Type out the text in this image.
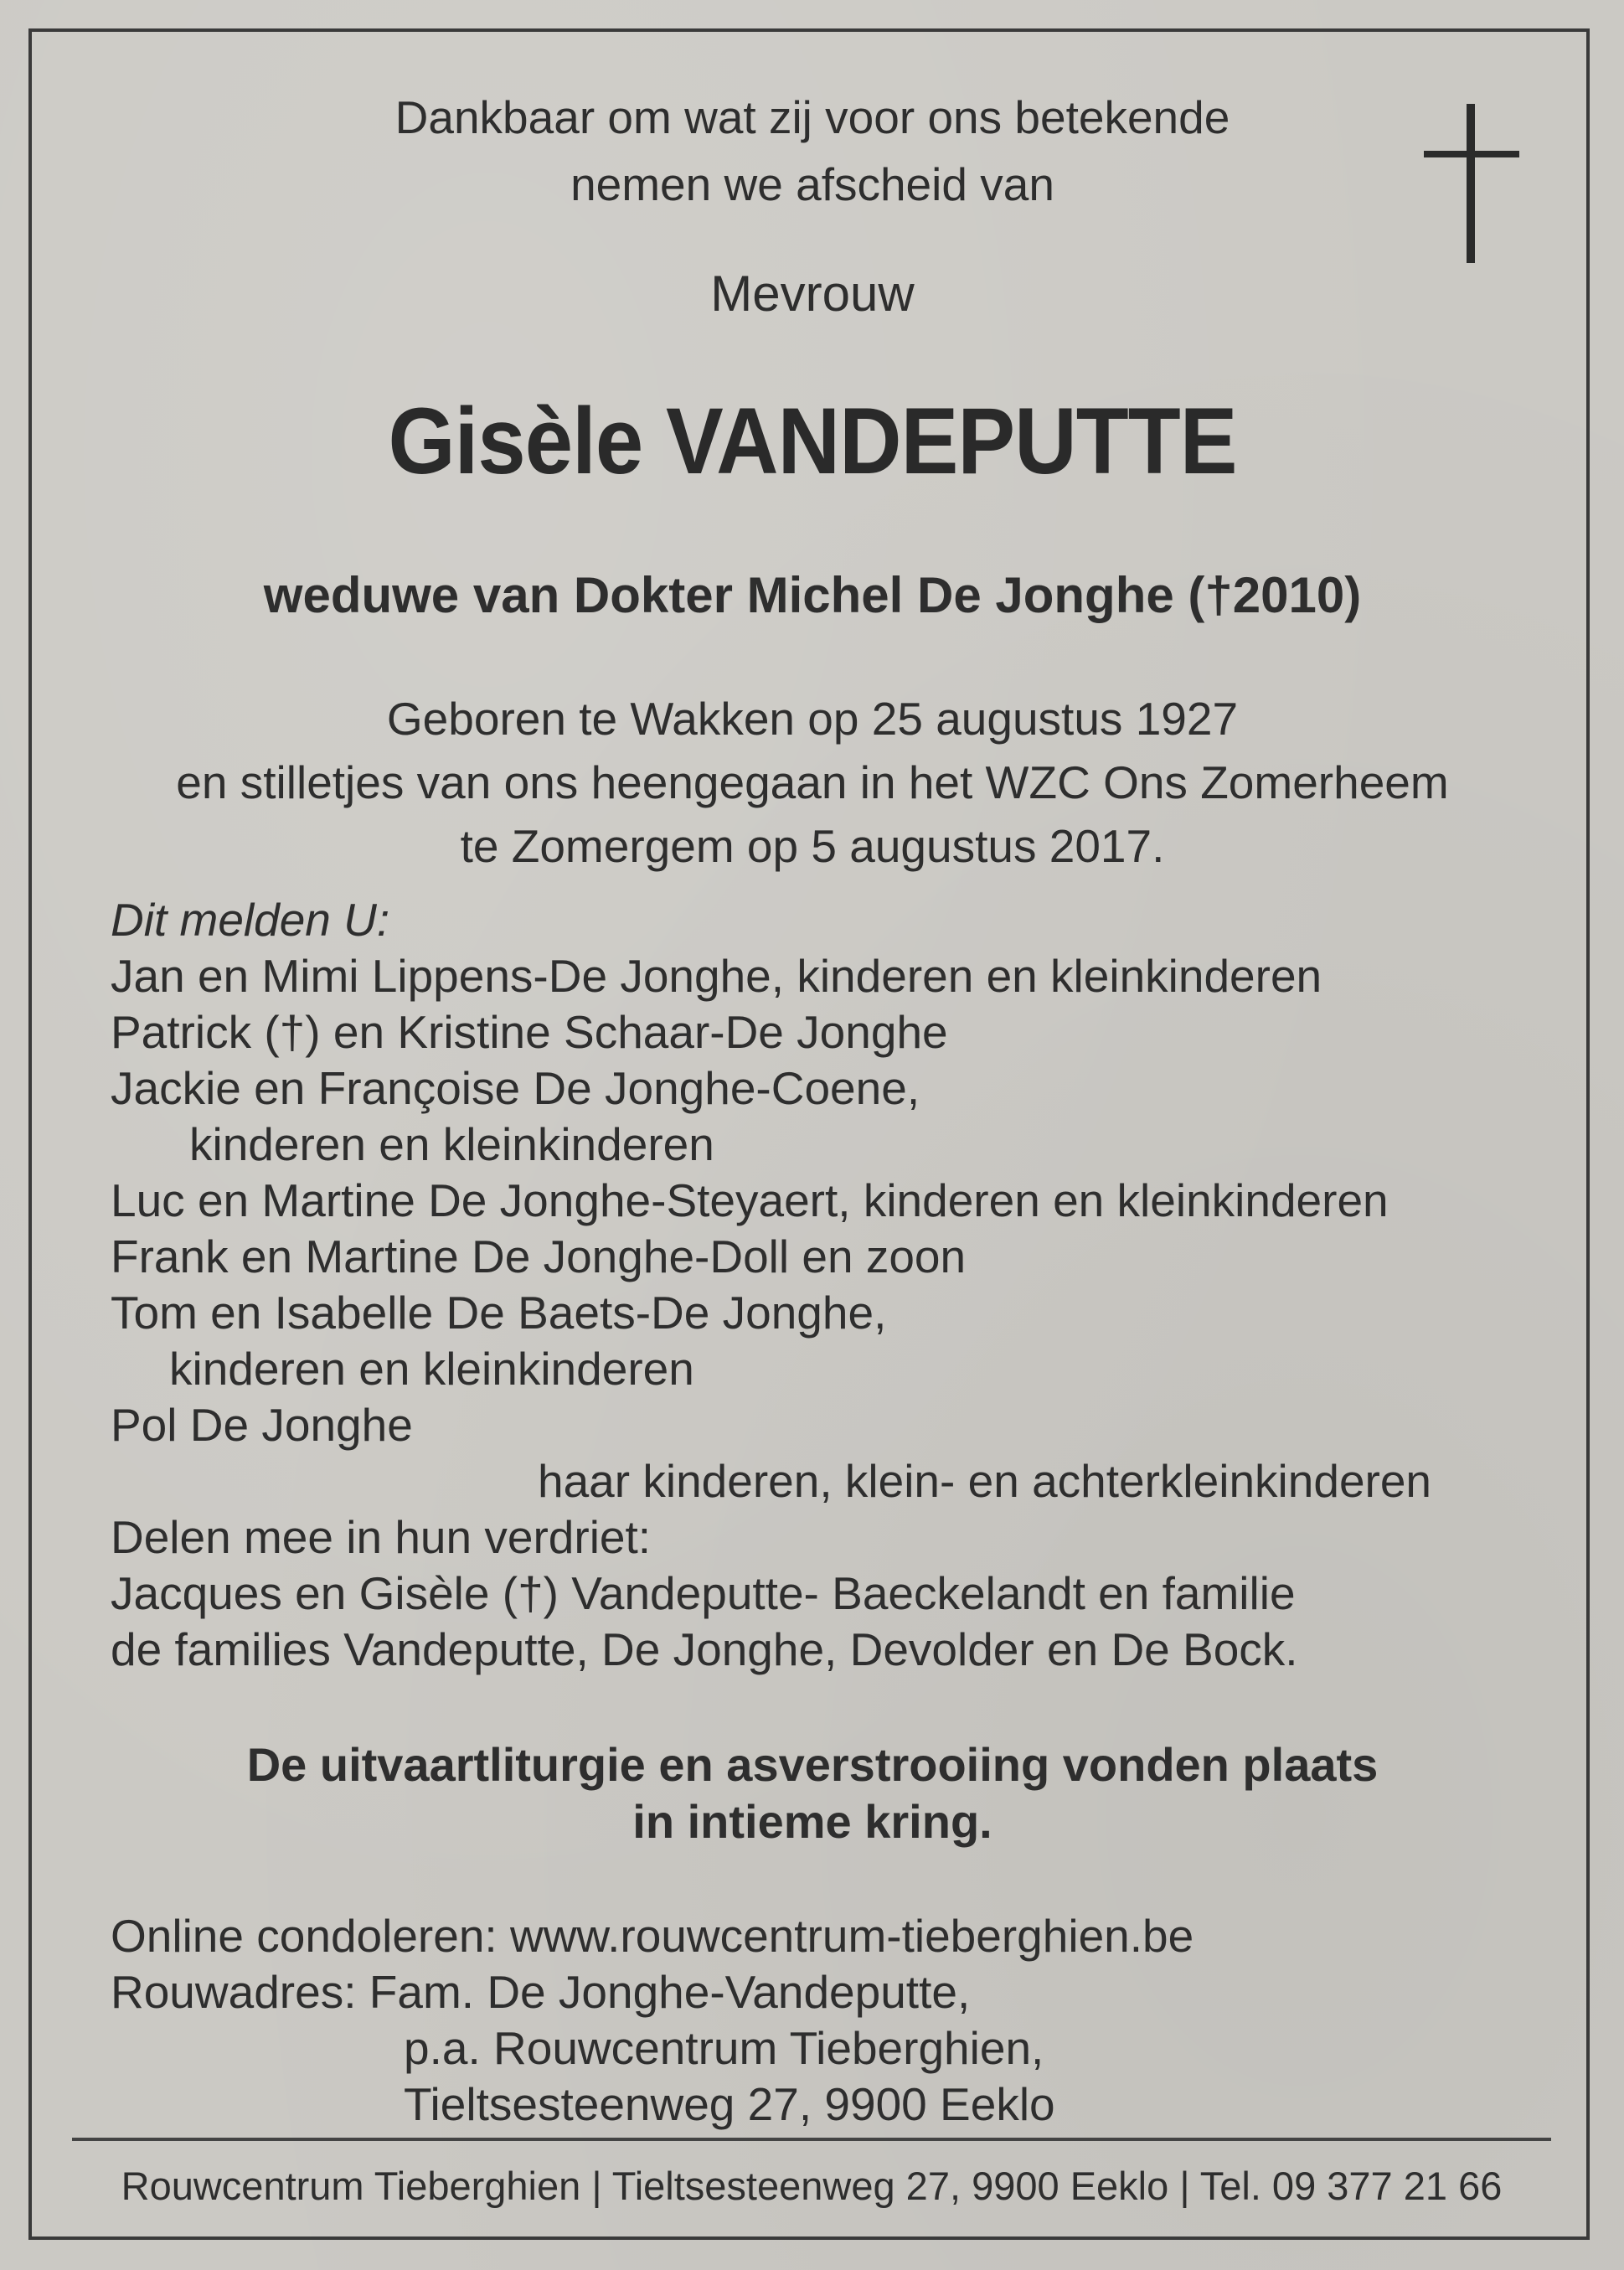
Dankbaar om wat zij voor ons betekende
nemen we afscheid van
Mevrouw
Gisèle VANDEPUTTE
weduwe van Dokter Michel De Jonghe (†2010)
Geboren te Wakken op 25 augustus 1927
en stilletjes van ons heengegaan in het WZC Ons Zomerheem
te Zomergem op 5 augustus 2017.
Dit melden U:
Jan en Mimi Lippens-De Jonghe, kinderen en kleinkinderen
Patrick (†) en Kristine Schaar-De Jonghe
Jackie en Françoise De Jonghe-Coene,
kinderen en kleinkinderen
Luc en Martine De Jonghe-Steyaert, kinderen en kleinkinderen
Frank en Martine De Jonghe-Doll en zoon
Tom en Isabelle De Baets-De Jonghe,
kinderen en kleinkinderen
Pol De Jonghe
haar kinderen, klein- en achterkleinkinderen
Delen mee in hun verdriet:
Jacques en Gisèle (†) Vandeputte- Baeckelandt en familie
de families Vandeputte, De Jonghe, Devolder en De Bock.
De uitvaartliturgie en asverstrooiing vonden plaats
in intieme kring.
Online condoleren: www.rouwcentrum-tieberghien.be
Rouwadres: Fam. De Jonghe-Vandeputte,
p.a. Rouwcentrum Tieberghien,
Tieltsesteenweg 27, 9900 Eeklo
Rouwcentrum Tieberghien | Tieltsesteenweg 27, 9900 Eeklo | Tel. 09 377 21 66
